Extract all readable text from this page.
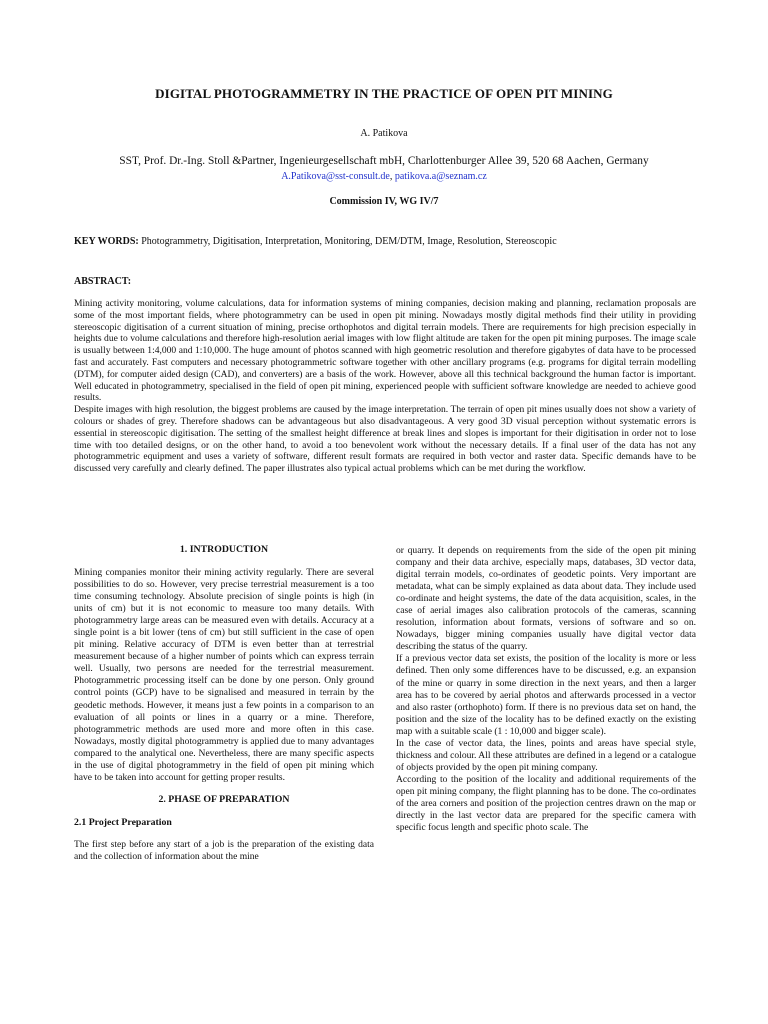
DIGITAL PHOTOGRAMMETRY IN THE PRACTICE OF OPEN PIT MINING
A. Patikova
SST, Prof. Dr.-Ing. Stoll &Partner, Ingenieurgesellschaft mbH, Charlottenburger Allee 39, 520 68 Aachen, Germany
A.Patikova@sst-consult.de, patikova.a@seznam.cz
Commission IV, WG IV/7
KEY WORDS: Photogrammetry, Digitisation, Interpretation, Monitoring, DEM/DTM, Image, Resolution, Stereoscopic
ABSTRACT:

Mining activity monitoring, volume calculations, data for information systems of mining companies, decision making and planning, reclamation proposals are some of the most important fields, where photogrammetry can be used in open pit mining. Nowadays mostly digital methods find their utility in providing stereoscopic digitisation of a current situation of mining, precise orthophotos and digital terrain models. There are requirements for high precision especially in heights due to volume calculations and therefore high-resolution aerial images with low flight altitude are taken for the open pit mining purposes. The image scale is usually between 1:4,000 and 1:10,000. The huge amount of photos scanned with high geometric resolution and therefore gigabytes of data have to be processed fast and accurately. Fast computers and necessary photogrammetric software together with other ancillary programs (e.g. programs for digital terrain modelling (DTM), for computer aided design (CAD), and converters) are a basis of the work. However, above all this technical background the human factor is important. Well educated in photogrammetry, specialised in the field of open pit mining, experienced people with sufficient software knowledge are needed to achieve good results.

Despite images with high resolution, the biggest problems are caused by the image interpretation. The terrain of open pit mines usually does not show a variety of colours or shades of grey. Therefore shadows can be advantageous but also disadvantageous. A very good 3D visual perception without systematic errors is essential in stereoscopic digitisation. The setting of the smallest height difference at break lines and slopes is important for their digitisation in order not to lose time with too detailed designs, or on the other hand, to avoid a too benevolent work without the necessary details. If a final user of the data has not any photogrammetric equipment and uses a variety of software, different result formats are required in both vector and raster data. Specific demands have to be discussed very carefully and clearly defined. The paper illustrates also typical actual problems which can be met during the workflow.

1. INTRODUCTION

Mining companies monitor their mining activity regularly. There are several possibilities to do so. However, very precise terrestrial measurement is a too time consuming technology. Absolute precision of single points is high (in units of cm) but it is not economic to measure too many details. With photogrammetry large areas can be measured even with details. Accuracy at a single point is a bit lower (tens of cm) but still sufficient in the case of open pit mining. Relative accuracy of DTM is even better than at terrestrial measurement because of a higher number of points which can express terrain well. Usually, two persons are needed for the terrestrial measurement. Photogrammetric processing itself can be done by one person. Only ground control points (GCP) have to be signalised and measured in terrain by the geodetic methods. However, it means just a few points in a comparison to an evaluation of all points or lines in a quarry or a mine. Therefore, photogrammetric methods are used more and more often in this case. Nowadays, mostly digital photogrammetry is applied due to many advantages compared to the analytical one. Nevertheless, there are many specific aspects in the use of digital photogrammetry in the field of open pit mining which have to be taken into account for getting proper results.

2. PHASE OF PREPARATION
2.1 Project Preparation

The first step before any start of a job is the preparation of the existing data and the collection of information about the mine

or quarry. It depends on requirements from the side of the open pit mining company and their data archive, especially maps, databases, 3D vector data, digital terrain models, co-ordinates of geodetic points. Very important are metadata, what can be simply explained as data about data. They include used co-ordinate and height systems, the date of the data acquisition, scales, in the case of aerial images also calibration protocols of the cameras, scanning resolution, information about formats, versions of software and so on. Nowadays, bigger mining companies usually have digital vector data describing the status of the quarry.

If a previous vector data set exists, the position of the locality is more or less defined. Then only some differences have to be discussed, e.g. an expansion of the mine or quarry in some direction in the next years, and then a larger area has to be covered by aerial photos and afterwards processed in a vector and also raster (orthophoto) form. If there is no previous data set on hand, the position and the size of the locality has to be defined exactly on the existing map with a suitable scale (1 : 10,000 and bigger scale).

In the case of vector data, the lines, points and areas have special style, thickness and colour. All these attributes are defined in a legend or a catalogue of objects provided by the open pit mining company.

According to the position of the locality and additional requirements of the open pit mining company, the flight planning has to be done. The co-ordinates of the area corners and position of the projection centres drawn on the map or directly in the last vector data are prepared for the specific camera with specific focus length and specific photo scale. The
